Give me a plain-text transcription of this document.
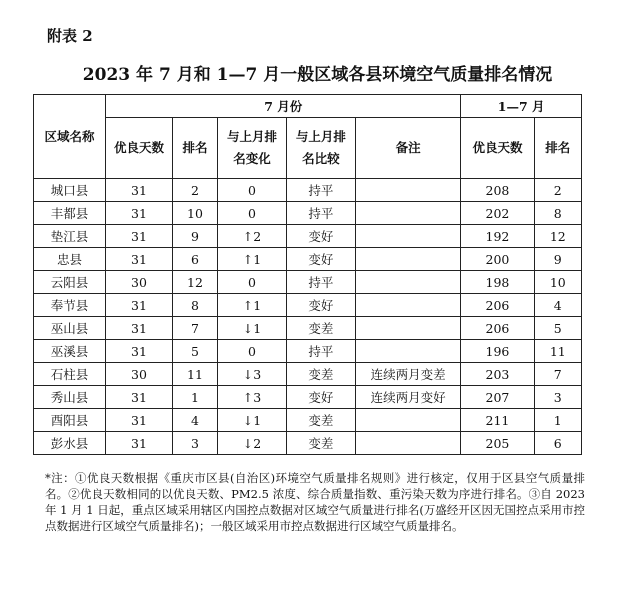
附表 2
2023 年 7 月和 1—7 月一般区域各县环境空气质量排名情况
区域名称	7 月份					1—7 月	
	优良天数	排名	与上月排名变化	与上月排名比较	备注	优良天数	排名
城口县	31	2	0	持平		208	2
丰都县	31	10	0	持平		202	8
垫江县	31	9	↑2	变好		192	12
忠县	31	6	↑1	变好		200	9
云阳县	30	12	0	持平		198	10
奉节县	31	8	↑1	变好		206	4
巫山县	31	7	↓1	变差		206	5
巫溪县	31	5	0	持平		196	11
石柱县	30	11	↓3	变差	连续两月变差	203	7
秀山县	31	1	↑3	变好	连续两月变好	207	3
酉阳县	31	4	↓1	变差		211	1
彭水县	31	3	↓2	变差		205	6
*注：①优良天数根据《重庆市区县(自治区)环境空气质量排名规则》进行核定，仅用于区县空气质量排名。②优良天数相同的以优良天数、PM2.5 浓度、综合质量指数、重污染天数为序进行排名。③自 2023 年 1 月 1 日起，重点区域采用辖区内国控点数据对区域空气质量进行排名(万盛经开区因无国控点采用市控点数据进行区域空气质量排名)；一般区域采用市控点数据进行区域空气质量排名。
